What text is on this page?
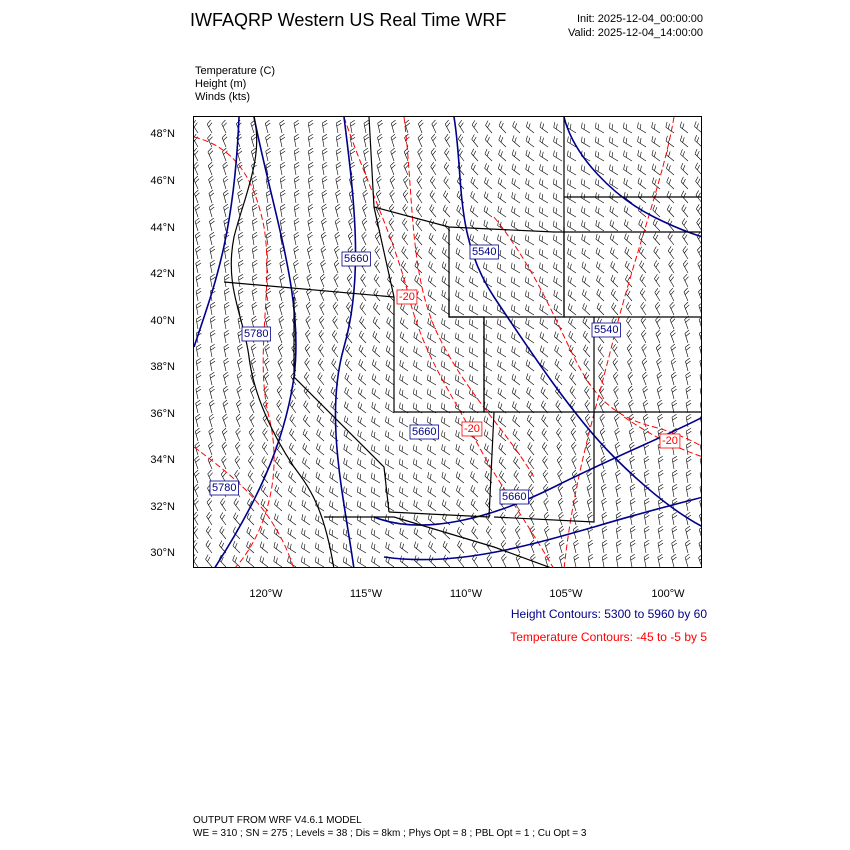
IWFAQRP Western US Real Time WRF	Init: 2025-12-04_00:00:00
Valid: 2025-12-04_14:00:00
Temperature (C)
Height (m)
Winds (kts)
5660
5540
5780	5540
5660
5780
5660
-20
-20
-20
48°N
46°N
44°N
42°N
40°N
38°N
36°N
34°N
32°N
30°N
120°W	115°W	110°W	105°W	100°W
Height Contours: 5300 to 5960 by 60
Temperature Contours: -45 to -5 by 5
OUTPUT FROM WRF V4.6.1 MODEL
WE = 310 ; SN = 275 ; Levels = 38 ; Dis = 8km ; Phys Opt = 8 ; PBL Opt = 1 ; Cu Opt = 3
